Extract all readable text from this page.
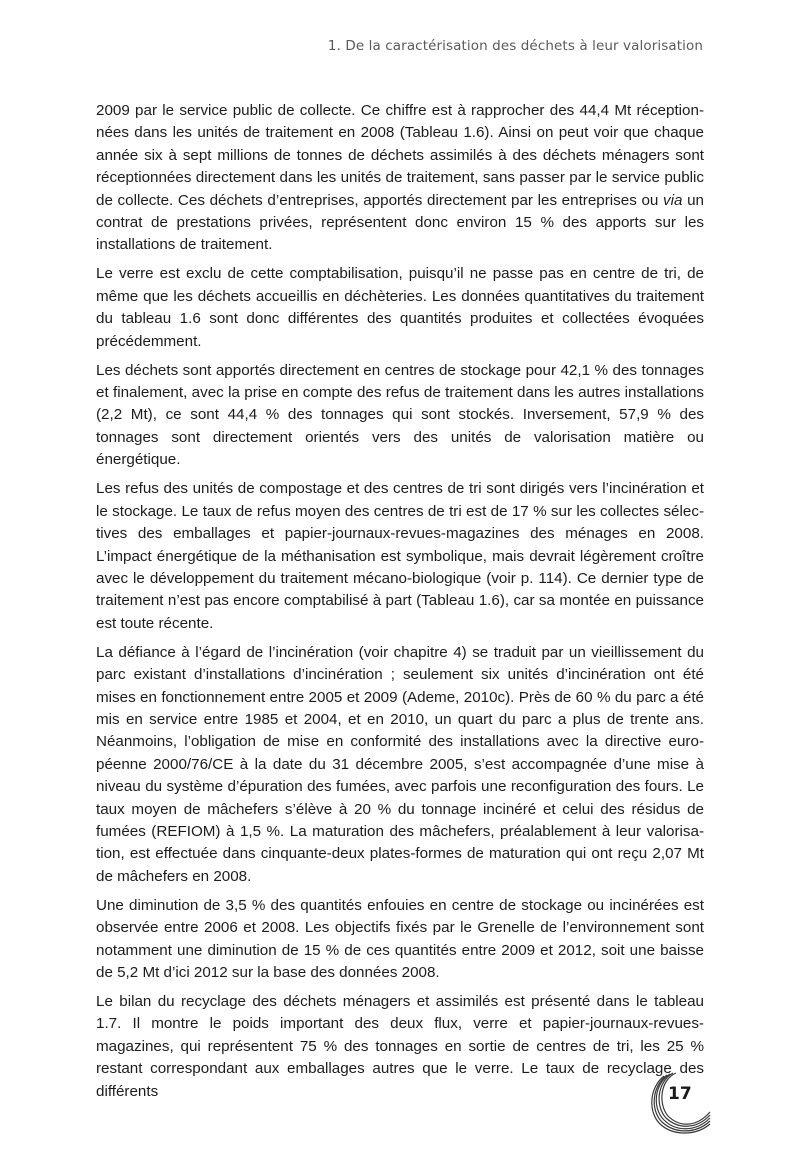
1. De la caractérisation des déchets à leur valorisation

2009 par le service public de collecte. Ce chiffre est à rapprocher des 44,4 Mt réceptionnées dans les unités de traitement en 2008 (Tableau 1.6). Ainsi on peut voir que chaque année six à sept millions de tonnes de déchets assimilés à des déchets ménagers sont réceptionnées directement dans les unités de traitement, sans passer par le service public de collecte. Ces déchets d’entreprises, apportés directement par les entreprises ou via un contrat de prestations privées, représentent donc environ 15 % des apports sur les installations de traitement.

Le verre est exclu de cette comptabilisation, puisqu’il ne passe pas en centre de tri, de même que les déchets accueillis en déchèteries. Les données quantitatives du traitement du tableau 1.6 sont donc différentes des quantités produites et collectées évoquées précédemment.

Les déchets sont apportés directement en centres de stockage pour 42,1 % des tonnages et finalement, avec la prise en compte des refus de traitement dans les autres installations (2,2 Mt), ce sont 44,4 % des tonnages qui sont stockés. Inversement, 57,9 % des tonnages sont directement orientés vers des unités de valorisation matière ou énergétique.

Les refus des unités de compostage et des centres de tri sont dirigés vers l’incinération et le stockage. Le taux de refus moyen des centres de tri est de 17 % sur les collectes sélectives des emballages et papier-journaux-revues-magazines des ménages en 2008. L’impact énergétique de la méthanisation est symbolique, mais devrait légèrement croître avec le développement du traitement mécano-biologique (voir p. 114). Ce dernier type de traitement n’est pas encore comptabilisé à part (Tableau 1.6), car sa montée en puissance est toute récente.

La défiance à l’égard de l’incinération (voir chapitre 4) se traduit par un vieillissement du parc existant d’installations d’incinération ; seulement six unités d’incinération ont été mises en fonctionnement entre 2005 et 2009 (Ademe, 2010c). Près de 60 % du parc a été mis en service entre 1985 et 2004, et en 2010, un quart du parc a plus de trente ans. Néanmoins, l’obligation de mise en conformité des installations avec la directive européenne 2000/76/CE à la date du 31 décembre 2005, s’est accompagnée d’une mise à niveau du système d’épuration des fumées, avec parfois une reconfiguration des fours. Le taux moyen de mâchefers s’élève à 20 % du tonnage incinéré et celui des résidus de fumées (REFIOM) à 1,5 %. La maturation des mâchefers, préalablement à leur valorisation, est effectuée dans cinquante-deux plates-formes de maturation qui ont reçu 2,07 Mt de mâchefers en 2008.

Une diminution de 3,5 % des quantités enfouies en centre de stockage ou incinérées est observée entre 2006 et 2008. Les objectifs fixés par le Grenelle de l’environnement sont notamment une diminution de 15 % de ces quantités entre 2009 et 2012, soit une baisse de 5,2 Mt d’ici 2012 sur la base des données 2008.

Le bilan du recyclage des déchets ménagers et assimilés est présenté dans le tableau 1.7. Il montre le poids important des deux flux, verre et papier-journaux-revues-magazines, qui représentent 75 % des tonnages en sortie de centres de tri, les 25 % restant correspondant aux emballages autres que le verre. Le taux de recyclage des différents	17
